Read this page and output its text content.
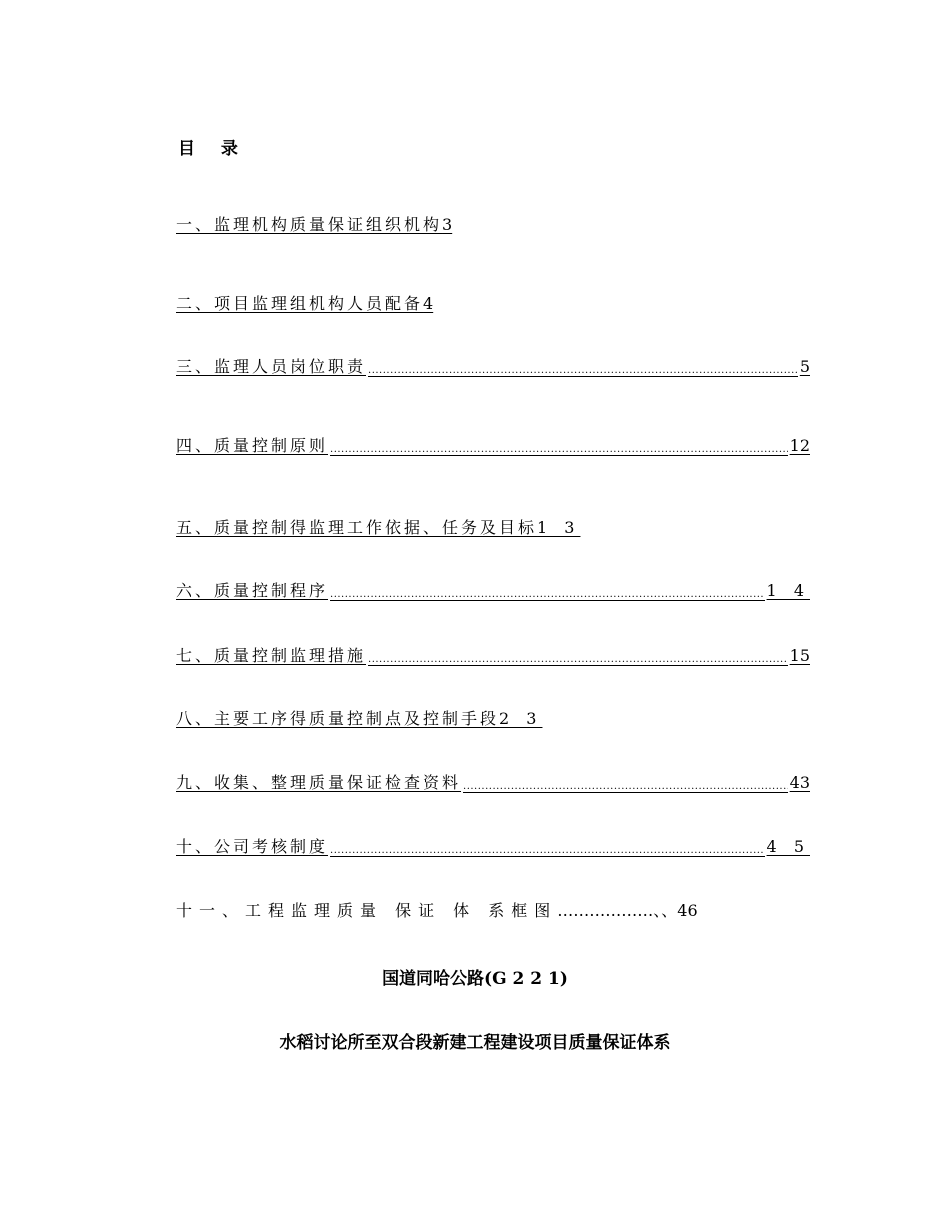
目 录
一、监理机构质量保证组织机构 3
二、项目监理组机构人员配备 4
三、监理人员岗位职责 .....	5
四、质量控制原则 .....	12
五、质量控制得监理工作依据、任务及目标 1 3
六、质量控制程序 .....	1 4
七、质量控制监理措施 .....	15
八、主要工序得质量控制点及控制手段 2 3
九、收集、整理质量保证检查资料 .....	43
十、公司考核制度 .....	4 5
十一、工程监理质量 保证 体 系框图 ………………、、46
国道同哈公路(G 2 2 1)
水稻讨论所至双合段新建工程建设项目质量保证体系
